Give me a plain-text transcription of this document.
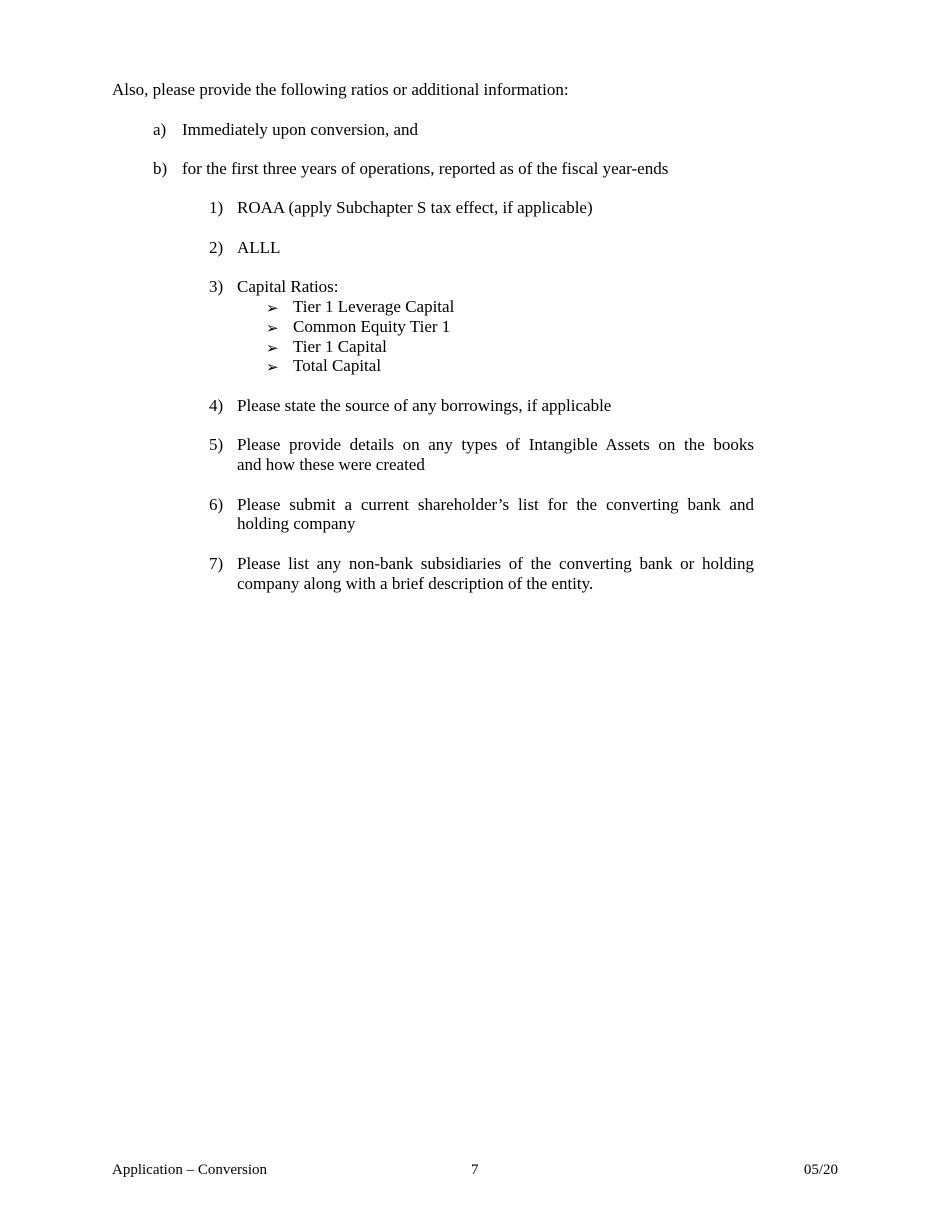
Also, please provide the following ratios or additional information:
a) Immediately upon conversion, and
b) for the first three years of operations, reported as of the fiscal year-ends
1) ROAA (apply Subchapter S tax effect, if applicable)
2) ALLL
3) Capital Ratios:
➢ Tier 1 Leverage Capital
➢ Common Equity Tier 1
➢ Tier 1 Capital
➢ Total Capital
4) Please state the source of any borrowings, if applicable
5) Please provide details on any types of Intangible Assets on the books
and how these were created
6) Please submit a current shareholder’s list for the converting bank and
holding company
7) Please list any non-bank subsidiaries of the converting bank or holding
company along with a brief description of the entity.
Application – Conversion	7	05/20
